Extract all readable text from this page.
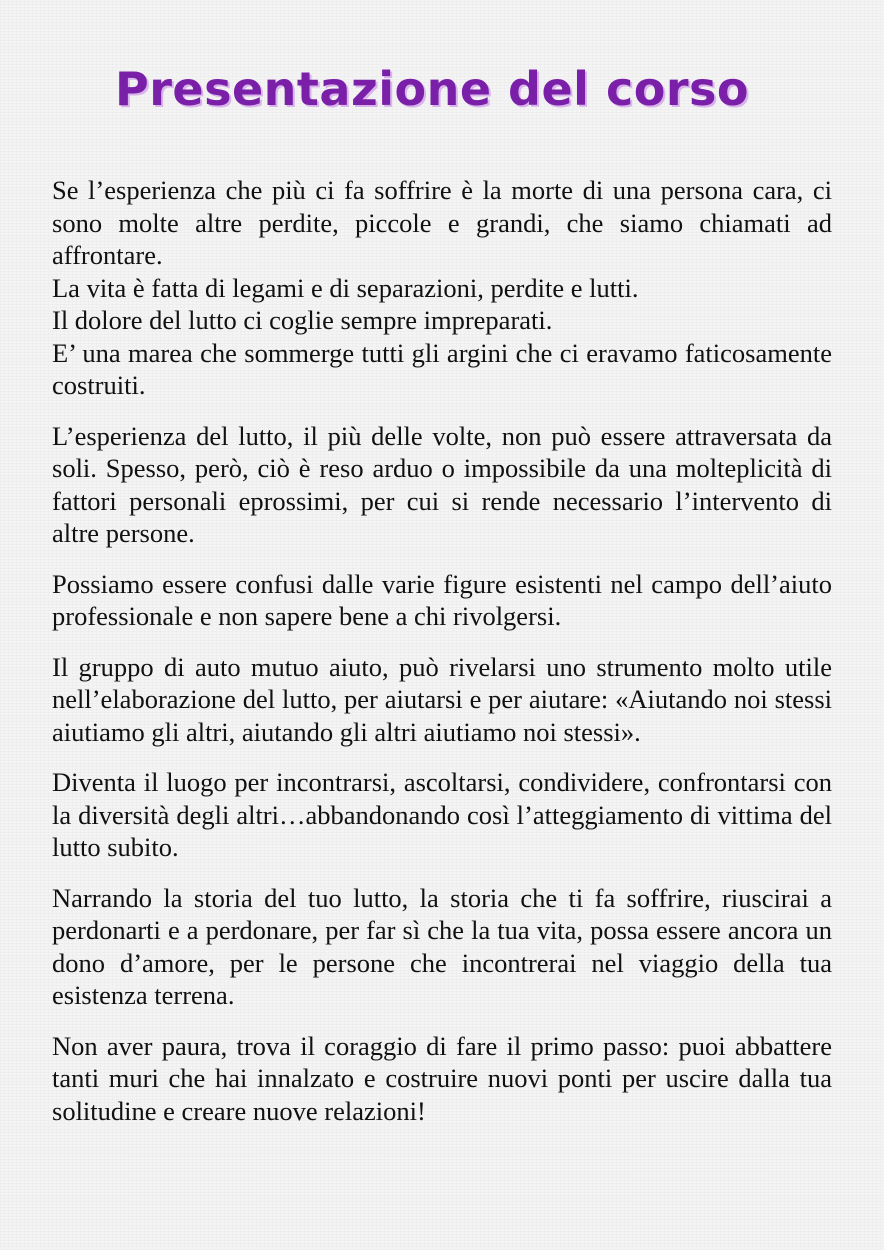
Presentazione del corso

Se l’esperienza che più ci fa soffrire è la morte di una persona cara, ci sono molte altre perdite, piccole e grandi, che siamo chiamati ad affrontare.
La vita è fatta di legami e di separazioni, perdite e lutti.
Il dolore del lutto ci coglie sempre impreparati.
E’ una marea che sommerge tutti gli argini che ci eravamo faticosamente costruiti.

L’esperienza del lutto, il più delle volte, non può essere attraversata da soli. Spesso, però, ciò è reso arduo o impossibile da una molteplicità di fattori personali eprossimi, per cui si rende necessario l’intervento di altre persone.

Possiamo essere confusi dalle varie figure esistenti nel campo dell’aiuto professionale e non sapere bene a chi rivolgersi.

Il gruppo di auto mutuo aiuto, può rivelarsi uno strumento molto utile nell’elaborazione del lutto, per aiutarsi e per aiutare: «Aiutando noi stessi aiutiamo gli altri, aiutando gli altri aiutiamo noi stessi».

Diventa il luogo per incontrarsi, ascoltarsi, condividere, confrontarsi con la diversità degli altri…abbandonando così l’atteggiamento di vittima del lutto subito.

Narrando la storia del tuo lutto, la storia che ti fa soffrire, riuscirai a perdonarti e a perdonare, per far sì che la tua vita, possa essere ancora un dono d’amore, per le persone che incontrerai nel viaggio della tua esistenza terrena.

Non aver paura, trova il coraggio di fare il primo passo: puoi abbattere tanti muri che hai innalzato e costruire nuovi ponti per uscire dalla tua solitudine e creare nuove relazioni!
